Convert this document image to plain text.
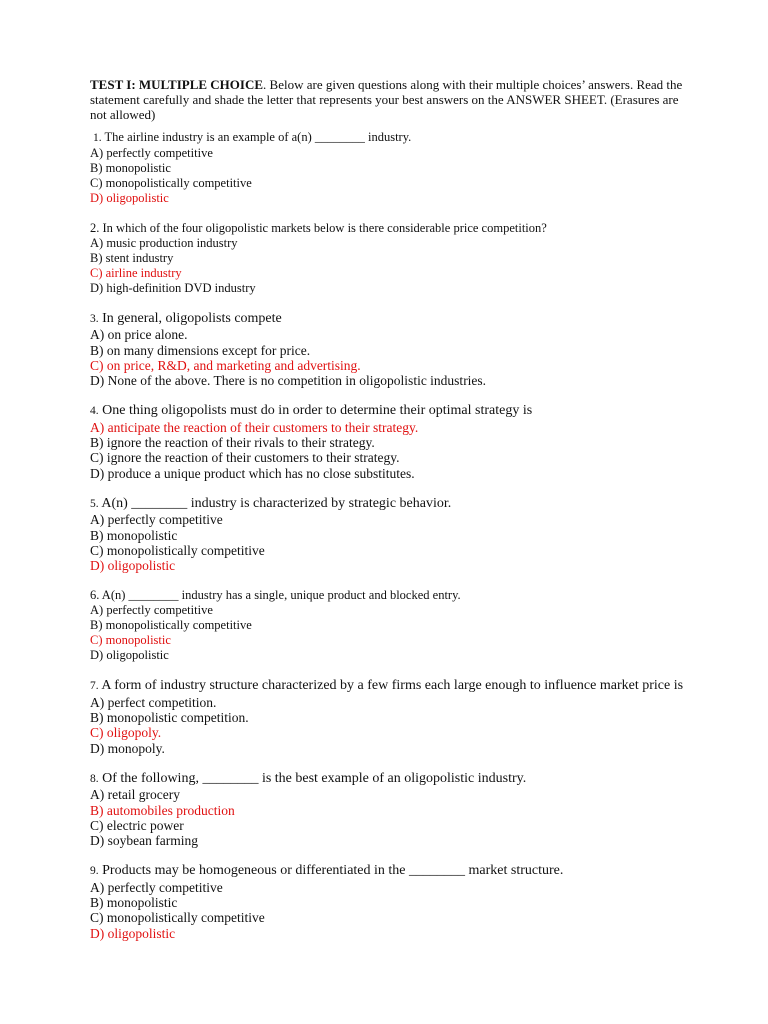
TEST I: MULTIPLE CHOICE. Below are given questions along with their multiple choices’ answers. Read the statement carefully and shade the letter that represents your best answers on the ANSWER SHEET. (Erasures are not allowed)

1. The airline industry is an example of a(n) ________ industry.

A) perfectly competitive

B) monopolistic

C) monopolistically competitive

D) oligopolistic

2. In which of the four oligopolistic markets below is there considerable price competition?

A) music production industry

B) stent industry

C) airline industry

D) high-definition DVD industry

3. In general, oligopolists compete

A) on price alone.

B) on many dimensions except for price.

C) on price, R&D, and marketing and advertising.

D) None of the above. There is no competition in oligopolistic industries.

4. One thing oligopolists must do in order to determine their optimal strategy is

A) anticipate the reaction of their customers to their strategy.

B) ignore the reaction of their rivals to their strategy.

C) ignore the reaction of their customers to their strategy.

D) produce a unique product which has no close substitutes.

5. A(n) ________ industry is characterized by strategic behavior.

A) perfectly competitive

B) monopolistic

C) monopolistically competitive

D) oligopolistic

6. A(n) ________ industry has a single, unique product and blocked entry.

A) perfectly competitive

B) monopolistically competitive

C) monopolistic

D) oligopolistic

7. A form of industry structure characterized by a few firms each large enough to influence market price is

A) perfect competition.

B) monopolistic competition.

C) oligopoly.

D) monopoly.

8. Of the following, ________ is the best example of an oligopolistic industry.

A) retail grocery

B) automobiles production

C) electric power

D) soybean farming

9. Products may be homogeneous or differentiated in the ________ market structure.

A) perfectly competitive

B) monopolistic

C) monopolistically competitive

D) oligopolistic
